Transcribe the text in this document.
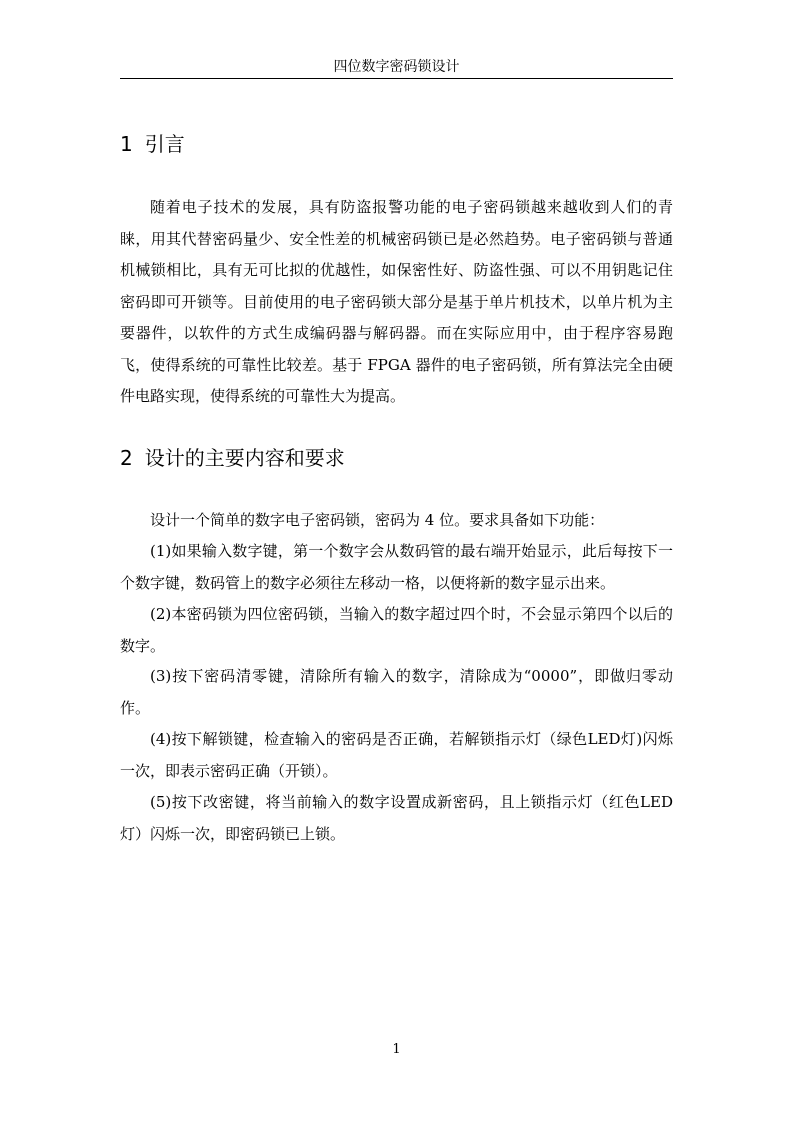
四位数字密码锁设计
1 引言

随着电子技术的发展，具有防盗报警功能的电子密码锁越来越收到人们的青睐，用其代替密码量少、安全性差的机械密码锁已是必然趋势。电子密码锁与普通机械锁相比，具有无可比拟的优越性，如保密性好、防盗性强、可以不用钥匙记住密码即可开锁等。目前使用的电子密码锁大部分是基于单片机技术，以单片机为主要器件，以软件的方式生成编码器与解码器。而在实际应用中，由于程序容易跑飞，使得系统的可靠性比较差。基于 FPGA 器件的电子密码锁，所有算法完全由硬件电路实现，使得系统的可靠性大为提高。

2 设计的主要内容和要求

设计一个简单的数字电子密码锁，密码为 4 位。要求具备如下功能：

(1)如果输入数字键，第一个数字会从数码管的最右端开始显示，此后每按下一个数字键，数码管上的数字必须往左移动一格，以便将新的数字显示出来。

(2)本密码锁为四位密码锁，当输入的数字超过四个时，不会显示第四个以后的数字。

(3)按下密码清零键，清除所有输入的数字，清除成为“0000”，即做归零动作。

(4)按下解锁键，检查输入的密码是否正确，若解锁指示灯（绿色LED灯)闪烁一次，即表示密码正确（开锁）。

(5)按下改密键，将当前输入的数字设置成新密码，且上锁指示灯（红色LED灯）闪烁一次，即密码锁已上锁。

1
